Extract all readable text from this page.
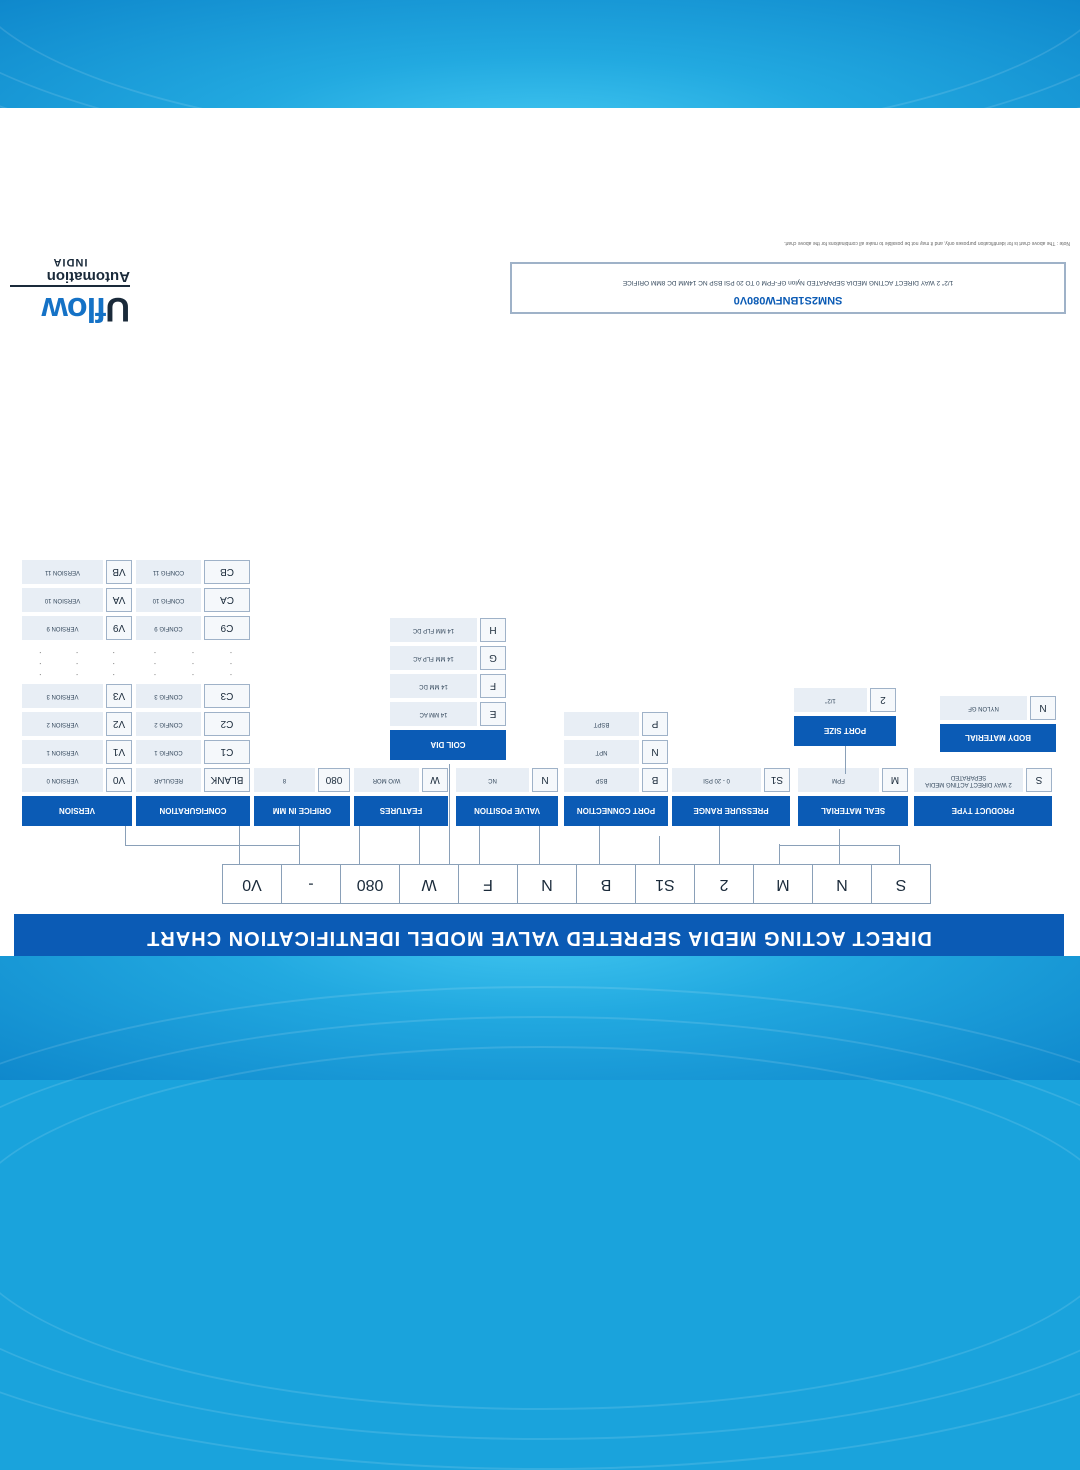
DIRECT ACTING MEDIA SEPRETED VALVE MODEL IDENTIFICATION CHART
S
N
M
2
S1
B
N
F
W
080
-
V0
PRODUCT TYPE
S
2 WAY DIRECT ACTING MEDIA SEPARATED
SEAL MATERIAL
M
FPM
PRESSURE RANGE
S1
0 - 20 PSI
PORT CONNECTION
B
BSP
N
NPT
P
BSPT
VALVE POSITION
N
NC
FEATURES
W
W/O MOR
ORIFICE IN MM
080
8
CONFIGURATION
BLANK
REGULAR
C1
CONFIG 1
C2
CONFIG 2
C3
CONFIG 3
·
·
·
·
·
·
·
·
·
C9
CONFIG 9
CA
CONFIG 10
CB
CONFIG 11
VERSION
V0
VERSION 0
V1
VERSION 1
V2
VERSION 2
V3
VERSION 3
·
·
·
·
·
·
·
·
·
V9
VERSION 9
VA
VERSION 10
VB
VERSION 11
PORT SIZE
2
1/2"
BODY MATERIAL
N
NYLON GF
COIL DIA
E
14 MM AC
F
14 MM DC
G
14 MM FLP AC
H
14 MM FLP DC
SNM2S1BNFW080V0
1/2" 2 WAY DIRECT ACTING MEDIA SEPARATED Nylon GF-FPM 0 TO 20 PSI BSP NC 14MM DC 8MM ORIFICE
Note : The above chart is for identification purposes only, and it may not be possible to make all combinations for the above chart.
Uflow
Automation
INDIA
